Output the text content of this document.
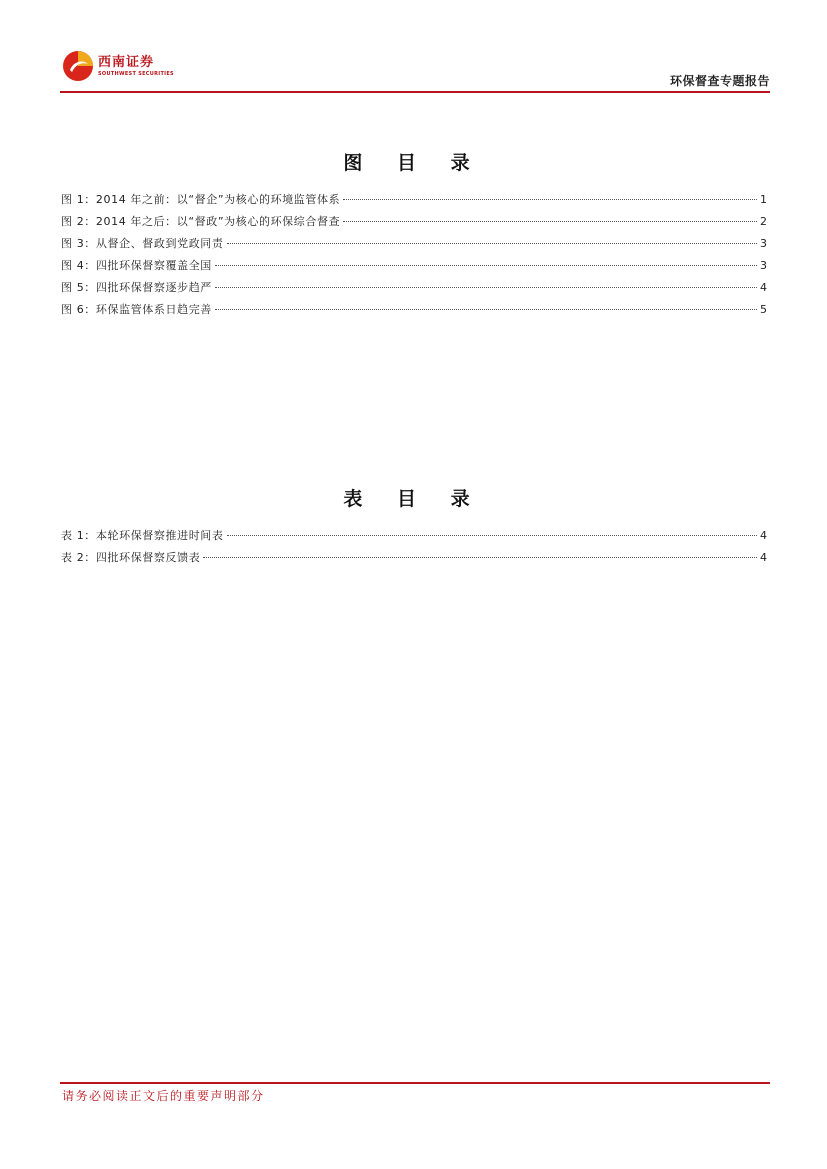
西南证券
SOUTHWEST SECURITIES
环保督查专题报告
图 目 录
图 1：2014 年之前：以“督企”为核心的环境监管体系	1
图 2：2014 年之后：以“督政”为核心的环保综合督查	2
图 3：从督企、督政到党政同责	3
图 4：四批环保督察覆盖全国	3
图 5：四批环保督察逐步趋严	4
图 6：环保监管体系日趋完善	5
表 目 录
表 1：本轮环保督察推进时间表	4
表 2：四批环保督察反馈表	4
请务必阅读正文后的重要声明部分
